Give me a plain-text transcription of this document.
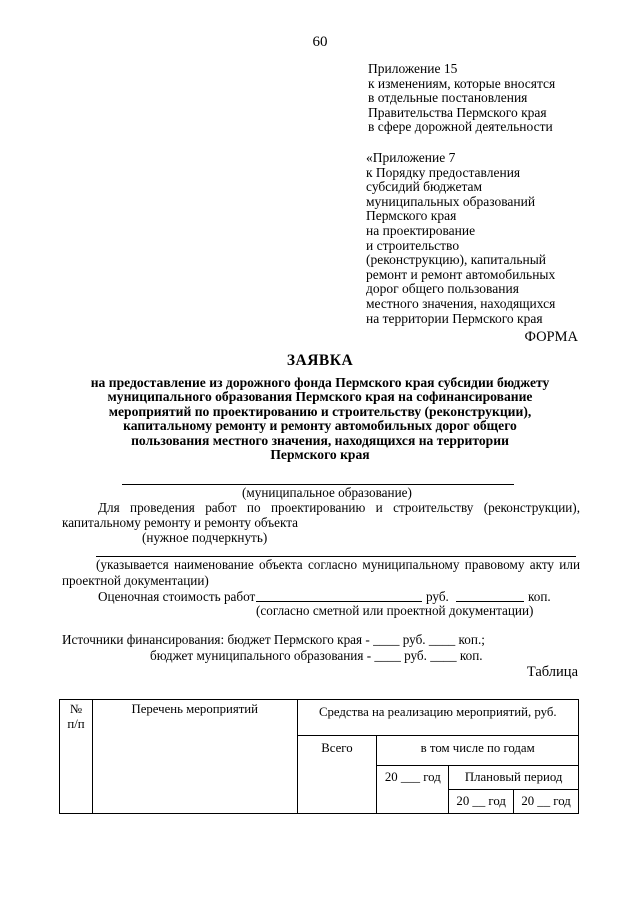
60
Приложение 15
к изменениям, которые вносятся
в отдельные постановления
Правительства Пермского края
в сфере дорожной деятельности
«Приложение 7
к Порядку предоставления
субсидий бюджетам
муниципальных образований
Пермского края
на проектирование
и строительство
(реконструкцию), капитальный
ремонт и ремонт автомобильных
дорог общего пользования
местного значения, находящихся
на территории Пермского края
ФОРМА
ЗАЯВКА
на предоставление из дорожного фонда Пермского края субсидии бюджету
муниципального образования Пермского края на софинансирование
мероприятий по проектированию и строительству (реконструкции),
капитальному ремонту и ремонту автомобильных дорог общего
пользования местного значения, находящихся на территории
Пермского края
(муниципальное образование)
Для проведения работ по проектированию и строительству (реконструкции),
капитальному ремонту и ремонту объекта
(нужное подчеркнуть)
(указывается наименование объекта согласно муниципальному правовому акту или
проектной документации)
Оценочная стоимость работ	руб.	коп.
(согласно сметной или проектной документации)
Источники финансирования: бюджет Пермского края - ____ руб. ____ коп.;
бюджет муниципального образования - ____ руб. ____ коп.
Таблица
№ п/п	Перечень мероприятий	Средства на реализацию мероприятий, руб.			
		Всего	в том числе по годам		
			20 ___ год	Плановый период	
				20 __ год	20 __ год
